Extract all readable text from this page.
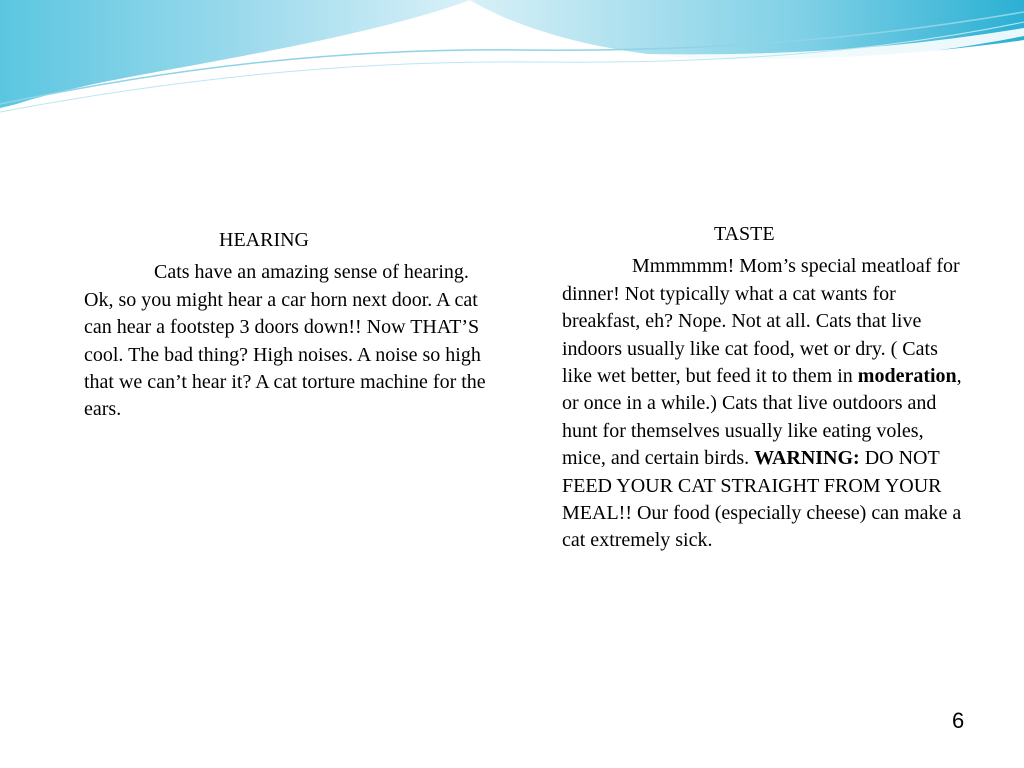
HEARING

Cats have an amazing sense of hearing. Ok, so you might hear a car horn next door. A cat can hear a footstep 3 doors down!! Now THAT’S cool. The bad thing? High noises. A noise so high that we can’t hear it? A cat torture machine for the ears.

TASTE

Mmmmmm! Mom’s special meatloaf for dinner! Not typically what a cat wants for breakfast, eh? Nope. Not at all. Cats that live indoors usually like cat food, wet or dry. ( Cats like wet better, but feed it to them in moderation, or once in a while.) Cats that live outdoors and hunt for themselves usually like eating voles, mice, and certain birds. WARNING: DO NOT FEED YOUR CAT STRAIGHT FROM YOUR MEAL!! Our food (especially cheese) can make a cat extremely sick.

6
